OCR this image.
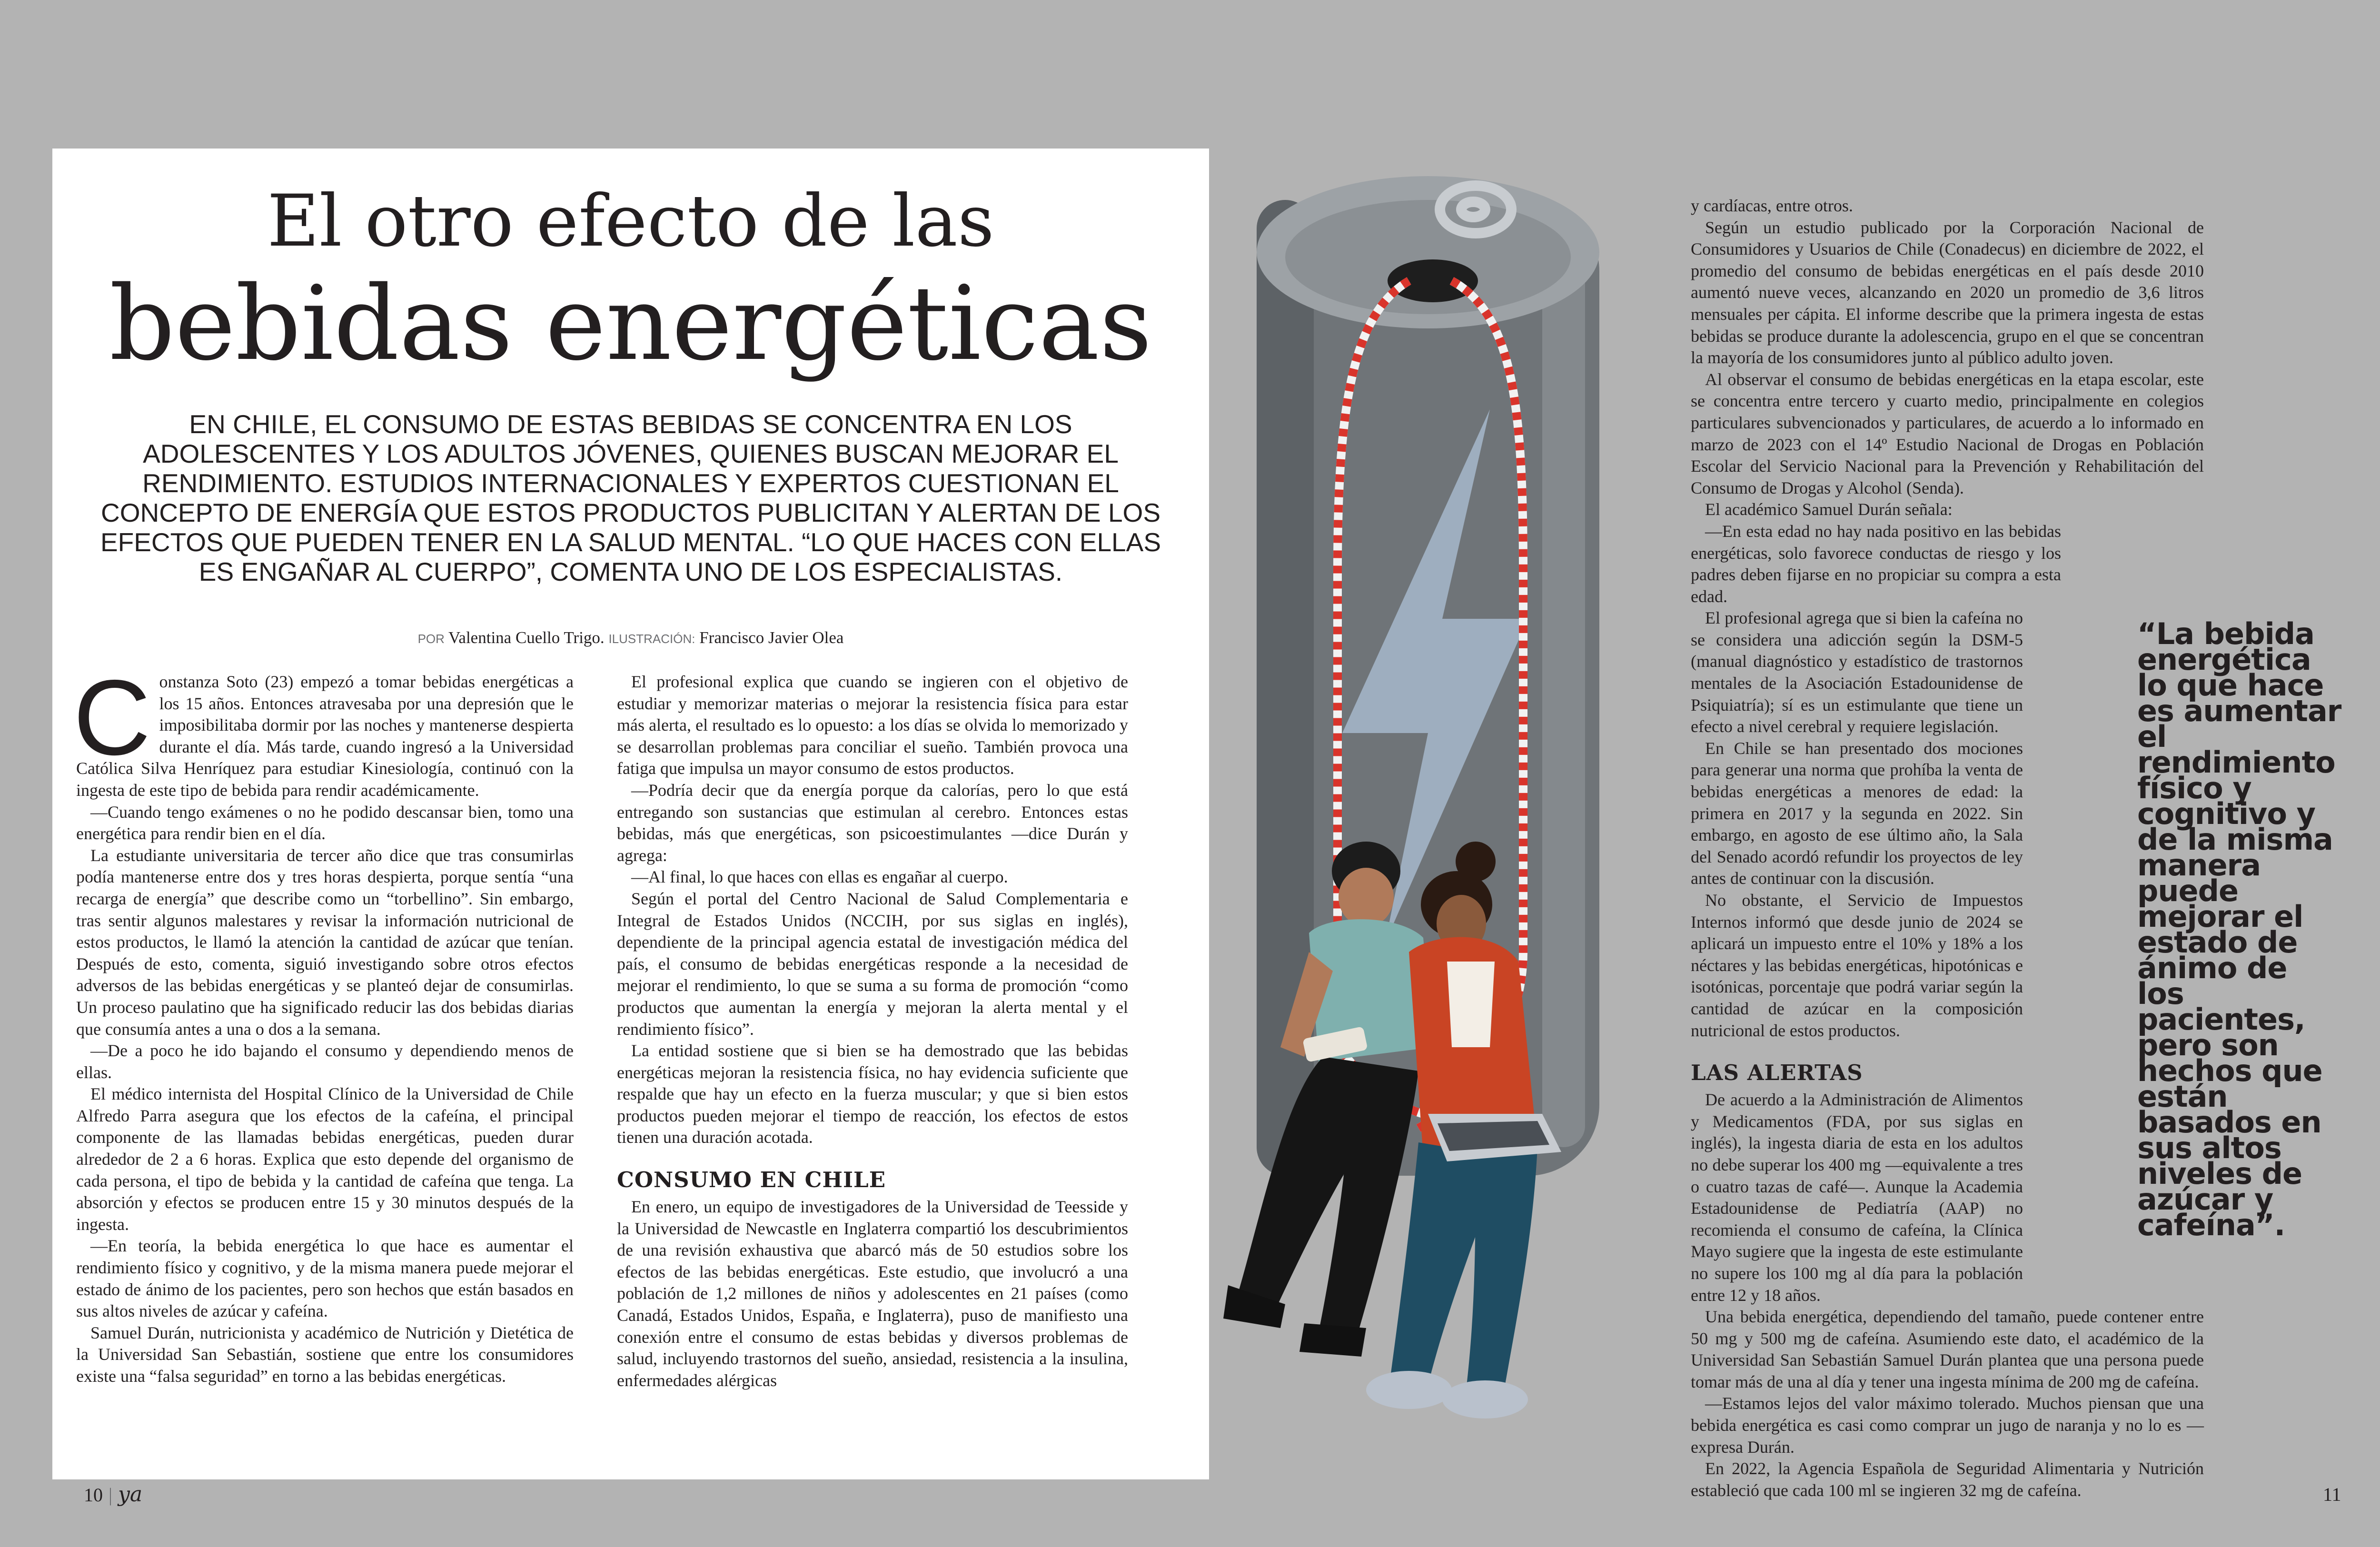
El otro efecto de las
bebidas energéticas

EN CHILE, EL CONSUMO DE ESTAS BEBIDAS SE CONCENTRA EN LOS ADOLESCENTES Y LOS ADULTOS JÓVENES, QUIENES BUSCAN MEJORAR EL RENDIMIENTO. ESTUDIOS INTERNACIONALES Y EXPERTOS CUESTIONAN EL CONCEPTO DE ENERGÍA QUE ESTOS PRODUCTOS PUBLICITAN Y ALERTAN DE LOS EFECTOS QUE PUEDEN TENER EN LA SALUD MENTAL. “LO QUE HACES CON ELLAS ES ENGAÑAR AL CUERPO”, COMENTA UNO DE LOS ESPECIALISTAS.

POR Valentina Cuello Trigo. ILUSTRACIÓN: Francisco Javier Olea

Constanza Soto (23) empezó a tomar bebidas energéticas a los 15 años. Entonces atravesaba por una depresión que le imposibilitaba dormir por las noches y mantenerse despierta durante el día. Más tarde, cuando ingresó a la Universidad Católica Silva Henríquez para estudiar Kinesiología, continuó con la ingesta de este tipo de bebida para rendir académicamente.

—Cuando tengo exámenes o no he podido descansar bien, tomo una energética para rendir bien en el día.

La estudiante universitaria de tercer año dice que tras consumirlas podía mantenerse entre dos y tres horas despierta, porque sentía “una recarga de energía” que describe como un “torbellino”. Sin embargo, tras sentir algunos malestares y revisar la información nutricional de estos productos, le llamó la atención la cantidad de azúcar que tenían. Después de esto, comenta, siguió investigando sobre otros efectos adversos de las bebidas energéticas y se planteó dejar de consumirlas. Un proceso paulatino que ha significado reducir las dos bebidas diarias que consumía antes a una o dos a la semana.

—De a poco he ido bajando el consumo y dependiendo menos de ellas.

El médico internista del Hospital Clínico de la Universidad de Chile Alfredo Parra asegura que los efectos de la cafeína, el principal componente de las llamadas bebidas energéticas, pueden durar alrededor de 2 a 6 horas. Explica que esto depende del organismo de cada persona, el tipo de bebida y la cantidad de cafeína que tenga. La absorción y efectos se producen entre 15 y 30 minutos después de la ingesta.

—En teoría, la bebida energética lo que hace es aumentar el rendimiento físico y cognitivo, y de la misma manera puede mejorar el estado de ánimo de los pacientes, pero son hechos que están basados en sus altos niveles de azúcar y cafeína.

Samuel Durán, nutricionista y académico de Nutrición y Dietética de la Universidad San Sebastián, sostiene que entre los consumidores existe una “falsa seguridad” en torno a las bebidas energéticas.

El profesional explica que cuando se ingieren con el objetivo de estudiar y memorizar materias o mejorar la resistencia física para estar más alerta, el resultado es lo opuesto: a los días se olvida lo memorizado y se desarrollan problemas para conciliar el sueño. También provoca una fatiga que impulsa un mayor consumo de estos productos.

—Podría decir que da energía porque da calorías, pero lo que está entregando son sustancias que estimulan al cerebro. Entonces estas bebidas, más que energéticas, son psicoestimulantes —dice Durán y agrega:

—Al final, lo que haces con ellas es engañar al cuerpo.

Según el portal del Centro Nacional de Salud Complementaria e Integral de Estados Unidos (NCCIH, por sus siglas en inglés), dependiente de la principal agencia estatal de investigación médica del país, el consumo de bebidas energéticas responde a la necesidad de mejorar el rendimiento, lo que se suma a su forma de promoción “como productos que aumentan la energía y mejoran la alerta mental y el rendimiento físico”.

La entidad sostiene que si bien se ha demostrado que las bebidas energéticas mejoran la resistencia física, no hay evidencia suficiente que respalde que hay un efecto en la fuerza muscular; y que si bien estos productos pueden mejorar el tiempo de reacción, los efectos de estos tienen una duración acotada.

CONSUMO EN CHILE

En enero, un equipo de investigadores de la Universidad de Teesside y la Universidad de Newcastle en Inglaterra compartió los descubrimientos de una revisión exhaustiva que abarcó más de 50 estudios sobre los efectos de las bebidas energéticas. Este estudio, que involucró a una población de 1,2 millones de niños y adolescentes en 21 países (como Canadá, Estados Unidos, España, e Inglaterra), puso de manifiesto una conexión entre el consumo de estas bebidas y diversos problemas de salud, incluyendo trastornos del sueño, ansiedad, resistencia a la insulina, enfermedades alérgicas

y cardíacas, entre otros.

Según un estudio publicado por la Corporación Nacional de Consumidores y Usuarios de Chile (Conadecus) en diciembre de 2022, el promedio del consumo de bebidas energéticas en el país desde 2010 aumentó nueve veces, alcanzando en 2020 un promedio de 3,6 litros mensuales per cápita. El informe describe que la primera ingesta de estas bebidas se produce durante la adolescencia, grupo en el que se concentran la mayoría de los consumidores junto al público adulto joven.

Al observar el consumo de bebidas energéticas en la etapa escolar, este se concentra entre tercero y cuarto medio, principalmente en colegios particulares subvencionados y particulares, de acuerdo a lo informado en marzo de 2023 con el 14º Estudio Nacional de Drogas en Población Escolar del Servicio Nacional para la Prevención y Rehabilitación del Consumo de Drogas y Alcohol (Senda).

El académico Samuel Durán señala:

—En esta edad no hay nada positivo en las bebidas energéticas, solo favorece conductas de riesgo y los padres deben fijarse en no propiciar su compra a esta edad.

El profesional agrega que si bien la cafeína no se considera una adicción según la DSM-5 (manual diagnóstico y estadístico de trastornos mentales de la Asociación Estadounidense de Psiquiatría); sí es un estimulante que tiene un efecto a nivel cerebral y requiere legislación.

En Chile se han presentado dos mociones para generar una norma que prohíba la venta de bebidas energéticas a menores de edad: la primera en 2017 y la segunda en 2022. Sin embargo, en agosto de ese último año, la Sala del Senado acordó refundir los proyectos de ley antes de continuar con la discusión.

No obstante, el Servicio de Impuestos Internos informó que desde junio de 2024 se aplicará un impuesto entre el 10% y 18% a los néctares y las bebidas energéticas, hipotónicas e isotónicas, porcentaje que podrá variar según la cantidad de azúcar en la composición nutricional de estos productos.

LAS ALERTAS

De acuerdo a la Administración de Alimentos y Medicamentos (FDA, por sus siglas en inglés), la ingesta diaria de esta en los adultos no debe superar los 400 mg —equivalente a tres o cuatro tazas de café—. Aunque la Academia Estadounidense de Pediatría (AAP) no recomienda el consumo de cafeína, la Clínica Mayo sugiere que la ingesta de este estimulante no supere los 100 mg al día para la población entre 12 y 18 años.

Una bebida energética, dependiendo del tamaño, puede contener entre 50 mg y 500 mg de cafeína. Asumiendo este dato, el académico de la Universidad San Sebastián Samuel Durán plantea que una persona puede tomar más de una al día y tener una ingesta mínima de 200 mg de cafeína.

—Estamos lejos del valor máximo tolerado. Muchos piensan que una bebida energética es casi como comprar un jugo de naranja y no lo es —expresa Durán.

En 2022, la Agencia Española de Seguridad Alimentaria y Nutrición estableció que cada 100 ml se ingieren 32 mg de cafeína.

“La bebida energética lo que hace es aumentar el rendimiento físico y cognitivo y de la misma manera puede mejorar el estado de ánimo de los pacientes, pero son hechos que están basados en sus altos niveles de azúcar y cafeína”.

10 | ya	11
